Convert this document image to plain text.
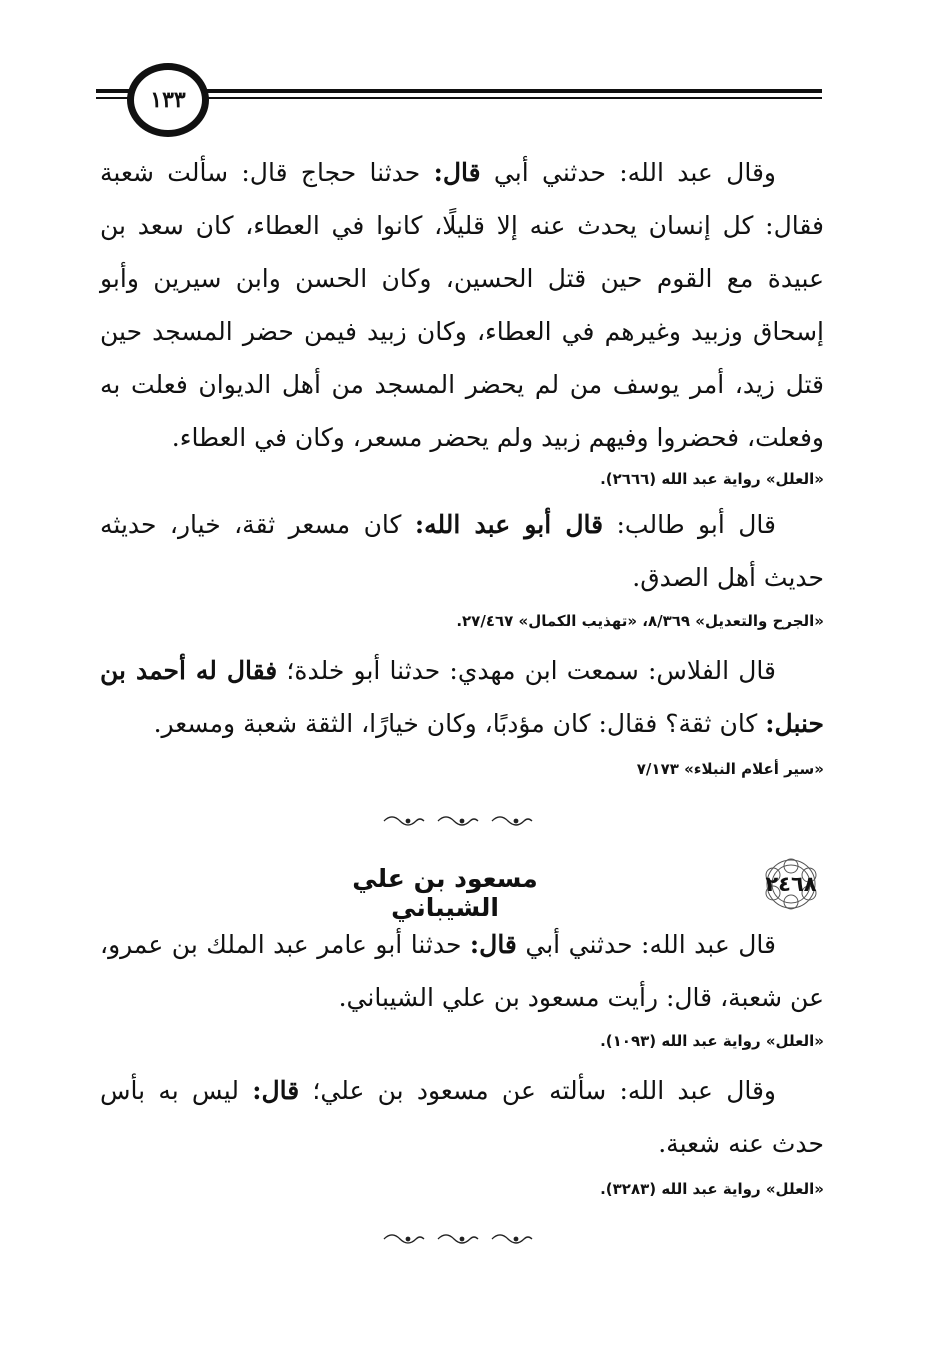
١٣٣

وقال عبد الله: حدثني أبي قال: حدثنا حجاج قال: سألت شعبة فقال: كل إنسان يحدث عنه إلا قليلًا، كانوا في العطاء، كان سعد بن عبيدة مع القوم حين قتل الحسين، وكان الحسن وابن سيرين وأبو إسحاق وزبيد وغيرهم في العطاء، وكان زبيد فيمن حضر المسجد حين قتل زيد، أمر يوسف من لم يحضر المسجد من أهل الديوان فعلت به وفعلت، فحضروا وفيهم زبيد ولم يحضر مسعر، وكان في العطاء.

«العلل» رواية عبد الله (٢٦٦٦).

قال أبو طالب: قال أبو عبد الله: كان مسعر ثقة، خيار، حديثه حديث أهل الصدق.

«الجرح والتعديل» ٨/٣٦٩، «تهذيب الكمال» ٢٧/٤٦٧.

قال الفلاس: سمعت ابن مهدي: حدثنا أبو خلدة؛ فقال له أحمد بن حنبل: كان ثقة؟ فقال: كان مؤدبًا، وكان خيارًا، الثقة شعبة ومسعر.

«سير أعلام النبلاء» ٧/١٧٣
٢٤٦٨
مسعود بن علي الشيباني

قال عبد الله: حدثني أبي قال: حدثنا أبو عامر عبد الملك بن عمرو، عن شعبة، قال: رأيت مسعود بن علي الشيباني.

«العلل» رواية عبد الله (١٠٩٣).

وقال عبد الله: سألته عن مسعود بن علي؛ قال: ليس به بأس حدث عنه شعبة.

«العلل» رواية عبد الله (٣٢٨٣).
